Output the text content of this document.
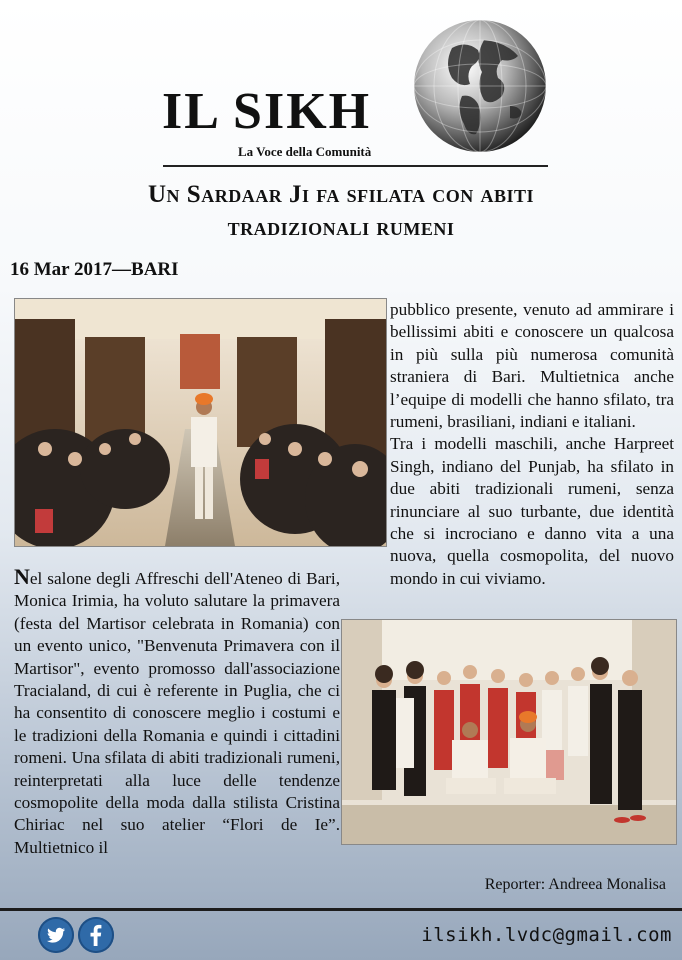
IL SIKH
La Voce della Comunità
Un Sardaar Ji fa sfilata con abiti
tradizionali rumeni
16 Mar 2017—BARI

pubblico presente, venuto ad ammirare i bellissimi abiti e conoscere un qualcosa in più sulla più numerosa comunità straniera di Bari. Multietnica anche l’equipe di modelli che hanno sfilato, tra rumeni, brasiliani, indiani e italiani.

Tra i modelli maschili, anche Harpreet Singh, indiano del Punjab, ha sfilato in due abiti tradizionali rumeni, senza rinunciare al suo turbante, due identità che si incrociano e danno vita a una nuova, quella cosmopolita, del nuovo mondo in cui viviamo.

Nel salone degli Affreschi dell'Ateneo di Bari, Monica Irimia, ha voluto salutare la primavera (festa del Martisor celebrata in Romania) con un evento unico, "Benvenuta Primavera con il Martisor", evento promosso dall'associazione Tracialand, di cui è referente in Puglia, che ci ha consentito di conoscere meglio i costumi e le tradizioni della Romania e quindi i cittadini romeni. Una sfilata di abiti tradizionali rumeni, reinterpretati alla luce delle tendenze cosmopolite della moda dalla stilista Cristina Chiriac nel suo atelier “Flori de Ie”. Multietnico il

Reporter: Andreea Monalisa
ilsikh.lvdc@gmail.com
